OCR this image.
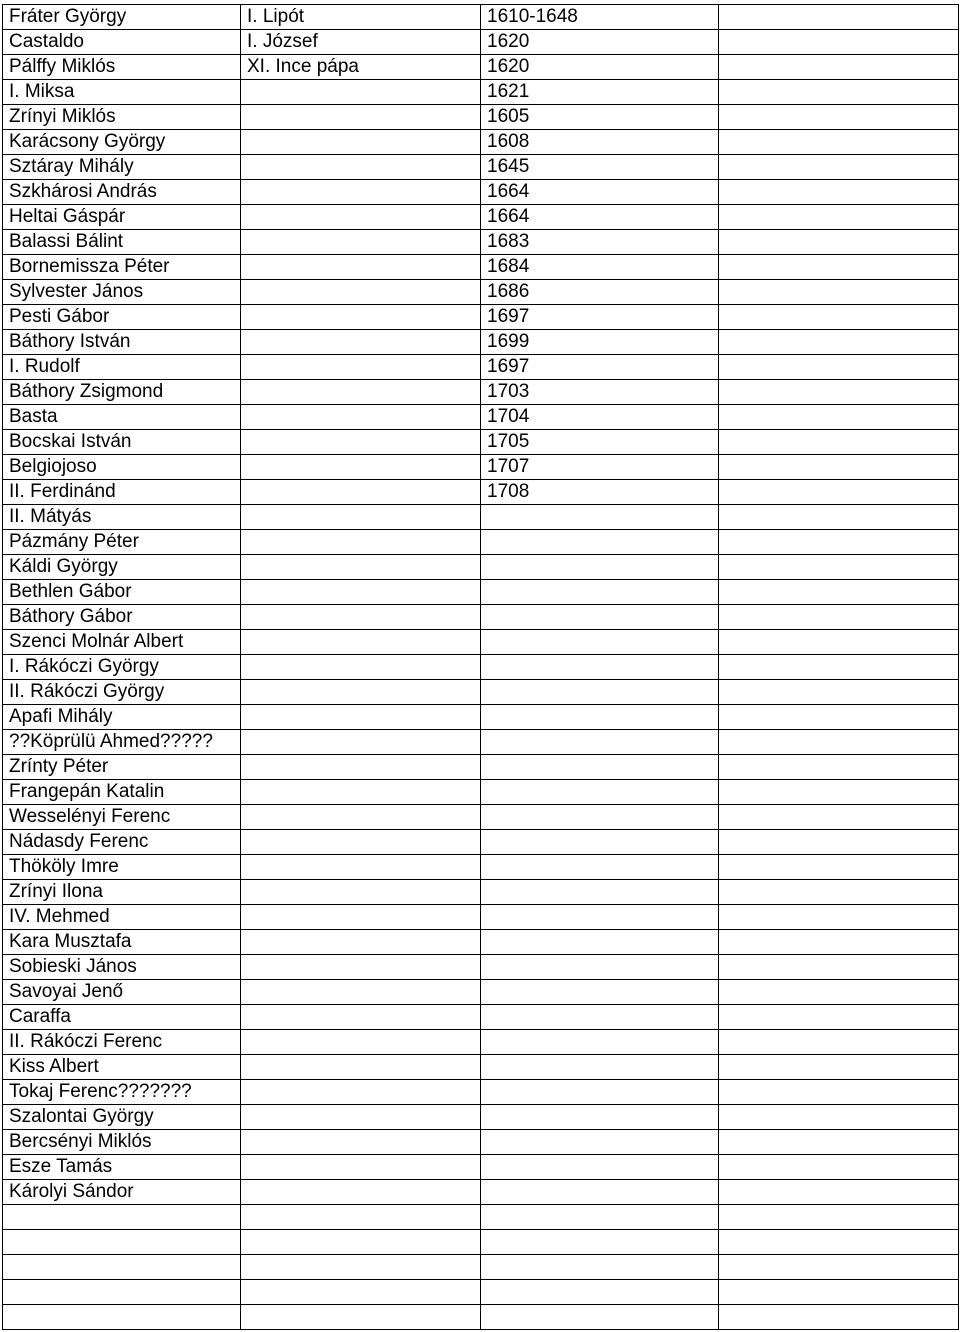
Fráter György	I. Lipót	1610-1648	
Castaldo	I. József	1620	
Pálffy Miklós	XI. Ince pápa	1620	
I. Miksa		1621	
Zrínyi Miklós		1605	
Karácsony György		1608	
Sztáray Mihály		1645	
Szkhárosi András		1664	
Heltai Gáspár		1664	
Balassi Bálint		1683	
Bornemissza Péter		1684	
Sylvester János		1686	
Pesti Gábor		1697	
Báthory István		1699	
I. Rudolf		1697	
Báthory Zsigmond		1703	
Basta		1704	
Bocskai István		1705	
Belgiojoso		1707	
II. Ferdinánd		1708	
II. Mátyás			
Pázmány Péter			
Káldi György			
Bethlen Gábor			
Báthory Gábor			
Szenci Molnár Albert			
I. Rákóczi György			
II. Rákóczi György			
Apafi Mihály			
??Köprülü Ahmed?????			
Zrínty Péter			
Frangepán Katalin			
Wesselényi Ferenc			
Nádasdy Ferenc			
Thököly Imre			
Zrínyi Ilona			
IV. Mehmed			
Kara Musztafa			
Sobieski János			
Savoyai Jenő			
Caraffa			
II. Rákóczi Ferenc			
Kiss Albert			
Tokaj Ferenc???????			
Szalontai György			
Bercsényi Miklós			
Esze Tamás			
Károlyi Sándor			
